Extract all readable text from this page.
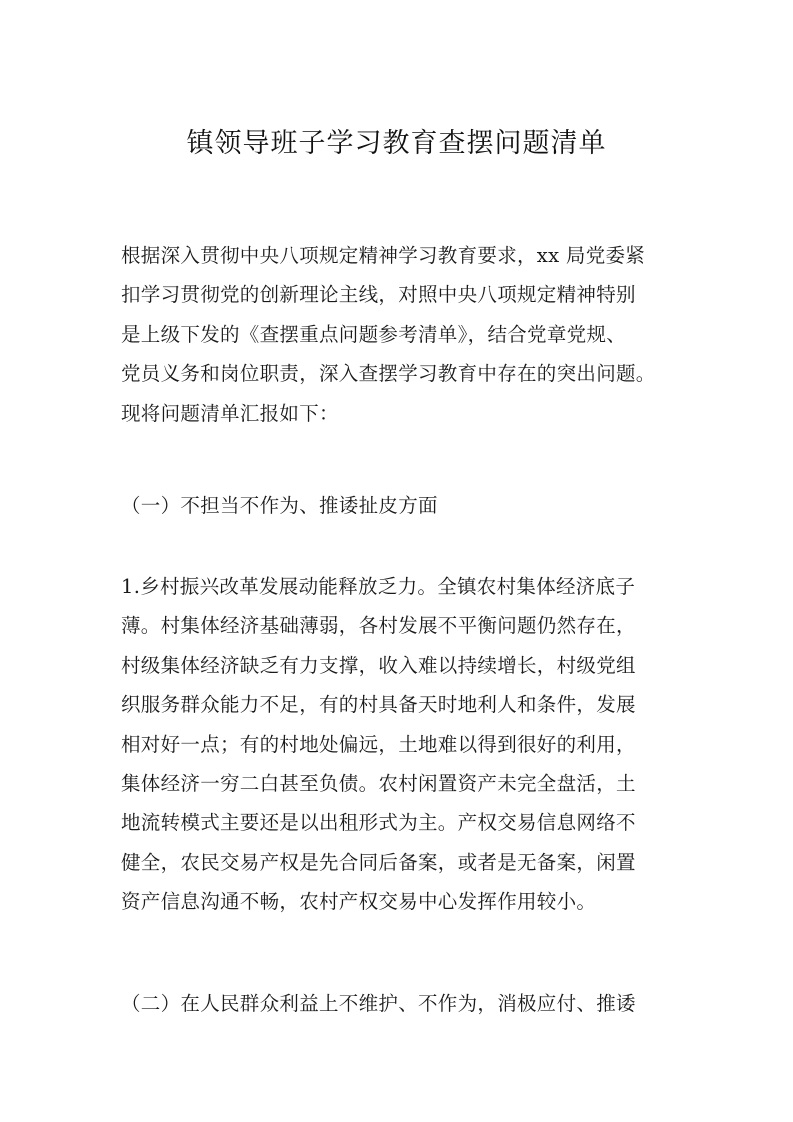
镇领导班子学习教育查摆问题清单

根据深入贯彻中央八项规定精神学习教育要求，xx 局党委紧
扣学习贯彻党的创新理论主线，对照中央八项规定精神特别
是上级下发的《查摆重点问题参考清单》，结合党章党规、
党员义务和岗位职责，深入查摆学习教育中存在的突出问题。
现将问题清单汇报如下：

（一）不担当不作为、推诿扯皮方面

1.乡村振兴改革发展动能释放乏力。全镇农村集体经济底子
薄。村集体经济基础薄弱，各村发展不平衡问题仍然存在，
村级集体经济缺乏有力支撑，收入难以持续增长，村级党组
织服务群众能力不足，有的村具备天时地利人和条件，发展
相对好一点；有的村地处偏远，土地难以得到很好的利用，
集体经济一穷二白甚至负债。农村闲置资产未完全盘活，土
地流转模式主要还是以出租形式为主。产权交易信息网络不
健全，农民交易产权是先合同后备案，或者是无备案，闲置
资产信息沟通不畅，农村产权交易中心发挥作用较小。

（二）在人民群众利益上不维护、不作为，消极应付、推诿
